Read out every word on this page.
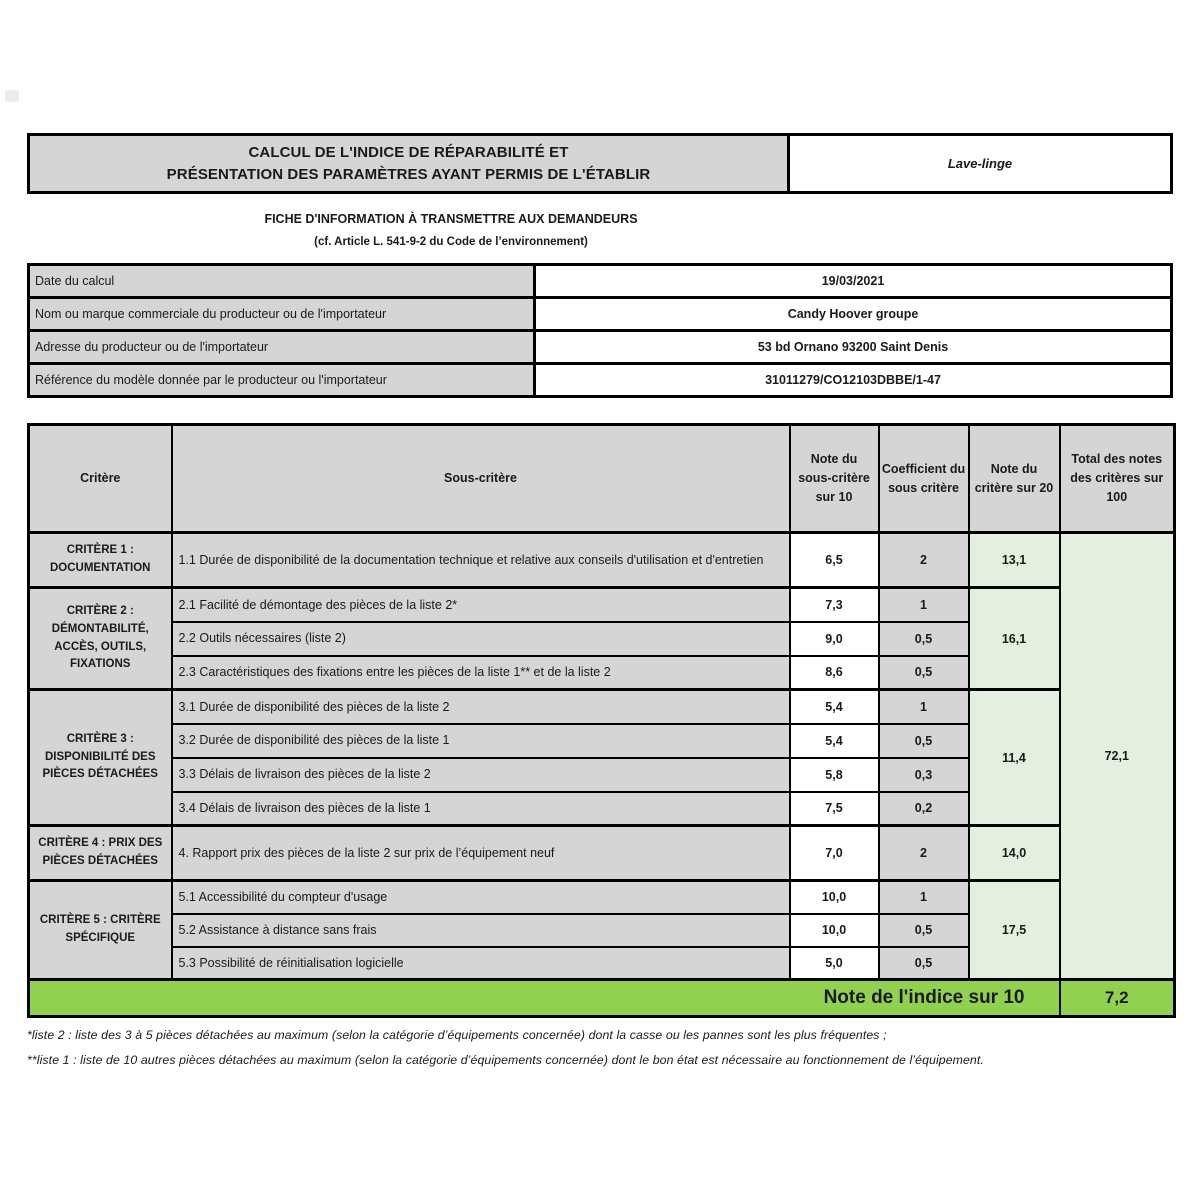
CALCUL DE L'INDICE DE RÉPARABILITÉ ET
PRÉSENTATION DES PARAMÈTRES AYANT PERMIS DE L'ÉTABLIR
Lave-linge
FICHE D'INFORMATION À TRANSMETTRE AUX DEMANDEURS
(cf. Article L. 541-9-2 du Code de l’environnement)
Date du calcul	19/03/2021
Nom ou marque commerciale du producteur ou de l'importateur	Candy Hoover groupe
Adresse du producteur ou de l'importateur	53 bd Ornano 93200 Saint Denis
Référence du modèle donnée par le producteur ou l'importateur	31011279/CO12103DBBE/1-47
Critère	Sous-critère	Note du sous-critère sur 10	Coefficient du sous critère	Note du critère sur 20	Total des notes des critères sur 100
CRITÈRE 1 : DOCUMENTATION	1.1 Durée de disponibilité de la documentation technique et relative aux conseils d'utilisation et d'entretien	6,5	2	13,1	72,1
CRITÈRE 2 : DÉMONTABILITÉ, ACCÈS, OUTILS, FIXATIONS	2.1 Facilité de démontage des pièces de la liste 2*	7,3	1	16,1	
	2.2 Outils nécessaires (liste 2)	9,0	0,5		
	2.3 Caractéristiques des fixations entre les pièces de la liste 1** et de la liste 2	8,6	0,5		
CRITÈRE 3 : DISPONIBILITÉ DES PIÈCES DÉTACHÉES	3.1 Durée de disponibilité des pièces de la liste 2	5,4	1	11,4	
	3.2 Durée de disponibilité des pièces de la liste 1	5,4	0,5		
	3.3 Délais de livraison des pièces de la liste 2	5,8	0,3		
	3.4 Délais de livraison des pièces de la liste 1	7,5	0,2		
CRITÈRE 4 : PRIX DES PIÈCES DÉTACHÉES	4. Rapport prix des pièces de la liste 2 sur prix de l’équipement neuf	7,0	2	14,0	
CRITÈRE 5 : CRITÈRE SPÉCIFIQUE	5.1 Accessibilité du compteur d'usage	10,0	1	17,5	
	5.2 Assistance à distance sans frais	10,0	0,5		
	5.3 Possibilité de réinitialisation logicielle	5,0	0,5		
Note de l'indice sur 10					7,2
*liste 2 : liste des 3 à 5 pièces détachées au maximum (selon la catégorie d’équipements concernée) dont la casse ou les pannes sont les plus fréquentes ;
**liste 1 : liste de 10 autres pièces détachées au maximum (selon la catégorie d’équipements concernée) dont le bon état est nécessaire au fonctionnement de l’équipement.
